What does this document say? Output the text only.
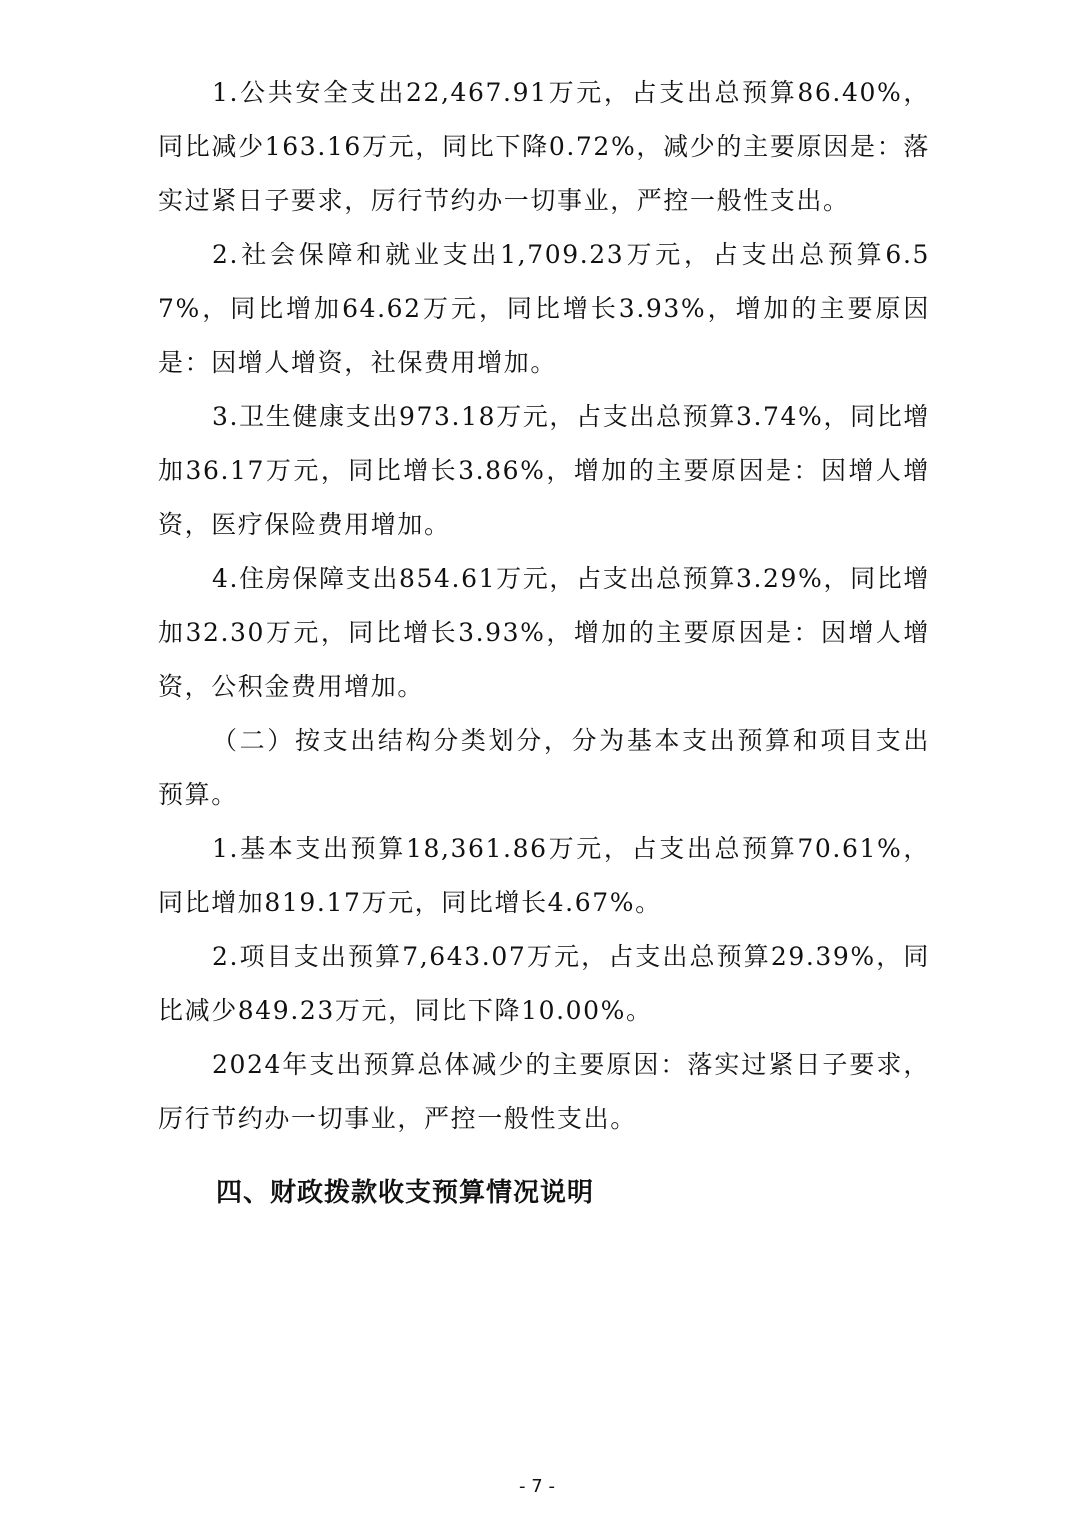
1.公共安全支出22,467.91万元，占支出总预算86.40%，同比减少163.16万元，同比下降0.72%，减少的主要原因是：落实过紧日子要求，厉行节约办一切事业，严控一般性支出。

2.社会保障和就业支出1,709.23万元，占支出总预算6.57%，同比增加64.62万元，同比增长3.93%，增加的主要原因是：因增人增资，社保费用增加。

3.卫生健康支出973.18万元，占支出总预算3.74%，同比增加36.17万元，同比增长3.86%，增加的主要原因是：因增人增资，医疗保险费用增加。

4.住房保障支出854.61万元，占支出总预算3.29%，同比增加32.30万元，同比增长3.93%，增加的主要原因是：因增人增资，公积金费用增加。

（二）按支出结构分类划分，分为基本支出预算和项目支出预算。

1.基本支出预算18,361.86万元，占支出总预算70.61%，同比增加819.17万元，同比增长4.67%。

2.项目支出预算7,643.07万元，占支出总预算29.39%，同比减少849.23万元，同比下降10.00%。

2024年支出预算总体减少的主要原因：落实过紧日子要求，厉行节约办一切事业，严控一般性支出。

四、财政拨款收支预算情况说明
- 7 -
